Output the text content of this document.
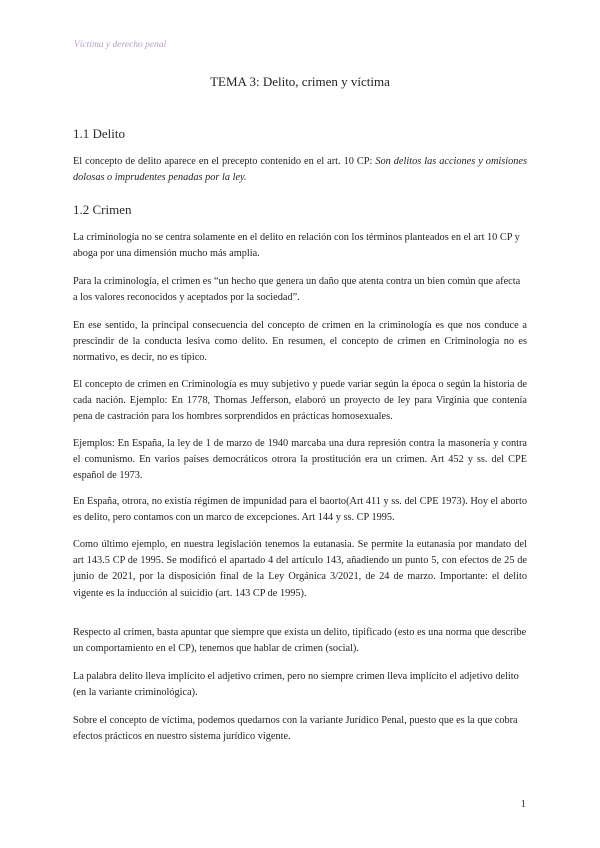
Víctima y derecho penal
TEMA 3: Delito, crimen y víctima
1.1 Delito
El concepto de delito aparece en el precepto contenido en el art. 10 CP: Son delitos las acciones y omisiones dolosas o imprudentes penadas por la ley.
1.2 Crimen
La criminología no se centra solamente en el delito en relación con los términos planteados en el art 10 CP y aboga por una dimensión mucho más amplia.
Para la criminología, el crimen es “un hecho que genera un daño que atenta contra un bien común que afecta a los valores reconocidos y aceptados por la sociedad”.
En ese sentido, la principal consecuencia del concepto de crimen en la criminología es que nos conduce a prescindir de la conducta lesiva como delito. En resumen, el concepto de crimen en Criminología no es normativo, es decir, no es típico.
El concepto de crimen en Criminología es muy subjetivo y puede variar según la época o según la historia de cada nación. Ejemplo: En 1778, Thomas Jefferson, elaboró un proyecto de ley para Virginia que contenía pena de castración para los hombres sorprendidos en prácticas homosexuales.
Ejemplos: En España, la ley de 1 de marzo de 1940 marcaba una dura represión contra la masonería y contra el comunismo. En varios países democráticos otrora la prostitución era un crimen. Art 452 y ss. del CPE español de 1973.
En España, otrora, no existía régimen de impunidad para el baorto(Art 411 y ss. del CPE 1973). Hoy el aborto es delito, pero contamos con un marco de excepciones. Art 144 y ss. CP 1995.
Como último ejemplo, en nuestra legislación tenemos la eutanasia. Se permite la eutanasia por mandato del art 143.5 CP de 1995. Se modificó el apartado 4 del artículo 143, añadiendo un punto 5, con efectos de 25 de junio de 2021, por la disposición final de la Ley Orgánica 3/2021, de 24 de marzo. Importante: el delito vigente es la inducción al suicidio (art. 143 CP de 1995).
Respecto al crimen, basta apuntar que siempre que exista un delito, tipificado (esto es una norma que describe un comportamiento en el CP), tenemos que hablar de crimen (social).
La palabra delito lleva implícito el adjetivo crimen, pero no siempre crimen lleva implícito el adjetivo delito (en la variante criminológica).
Sobre el concepto de víctima, podemos quedarnos con la variante Jurídico Penal, puesto que es la que cobra efectos prácticos en nuestro sistema jurídico vigente.
1
